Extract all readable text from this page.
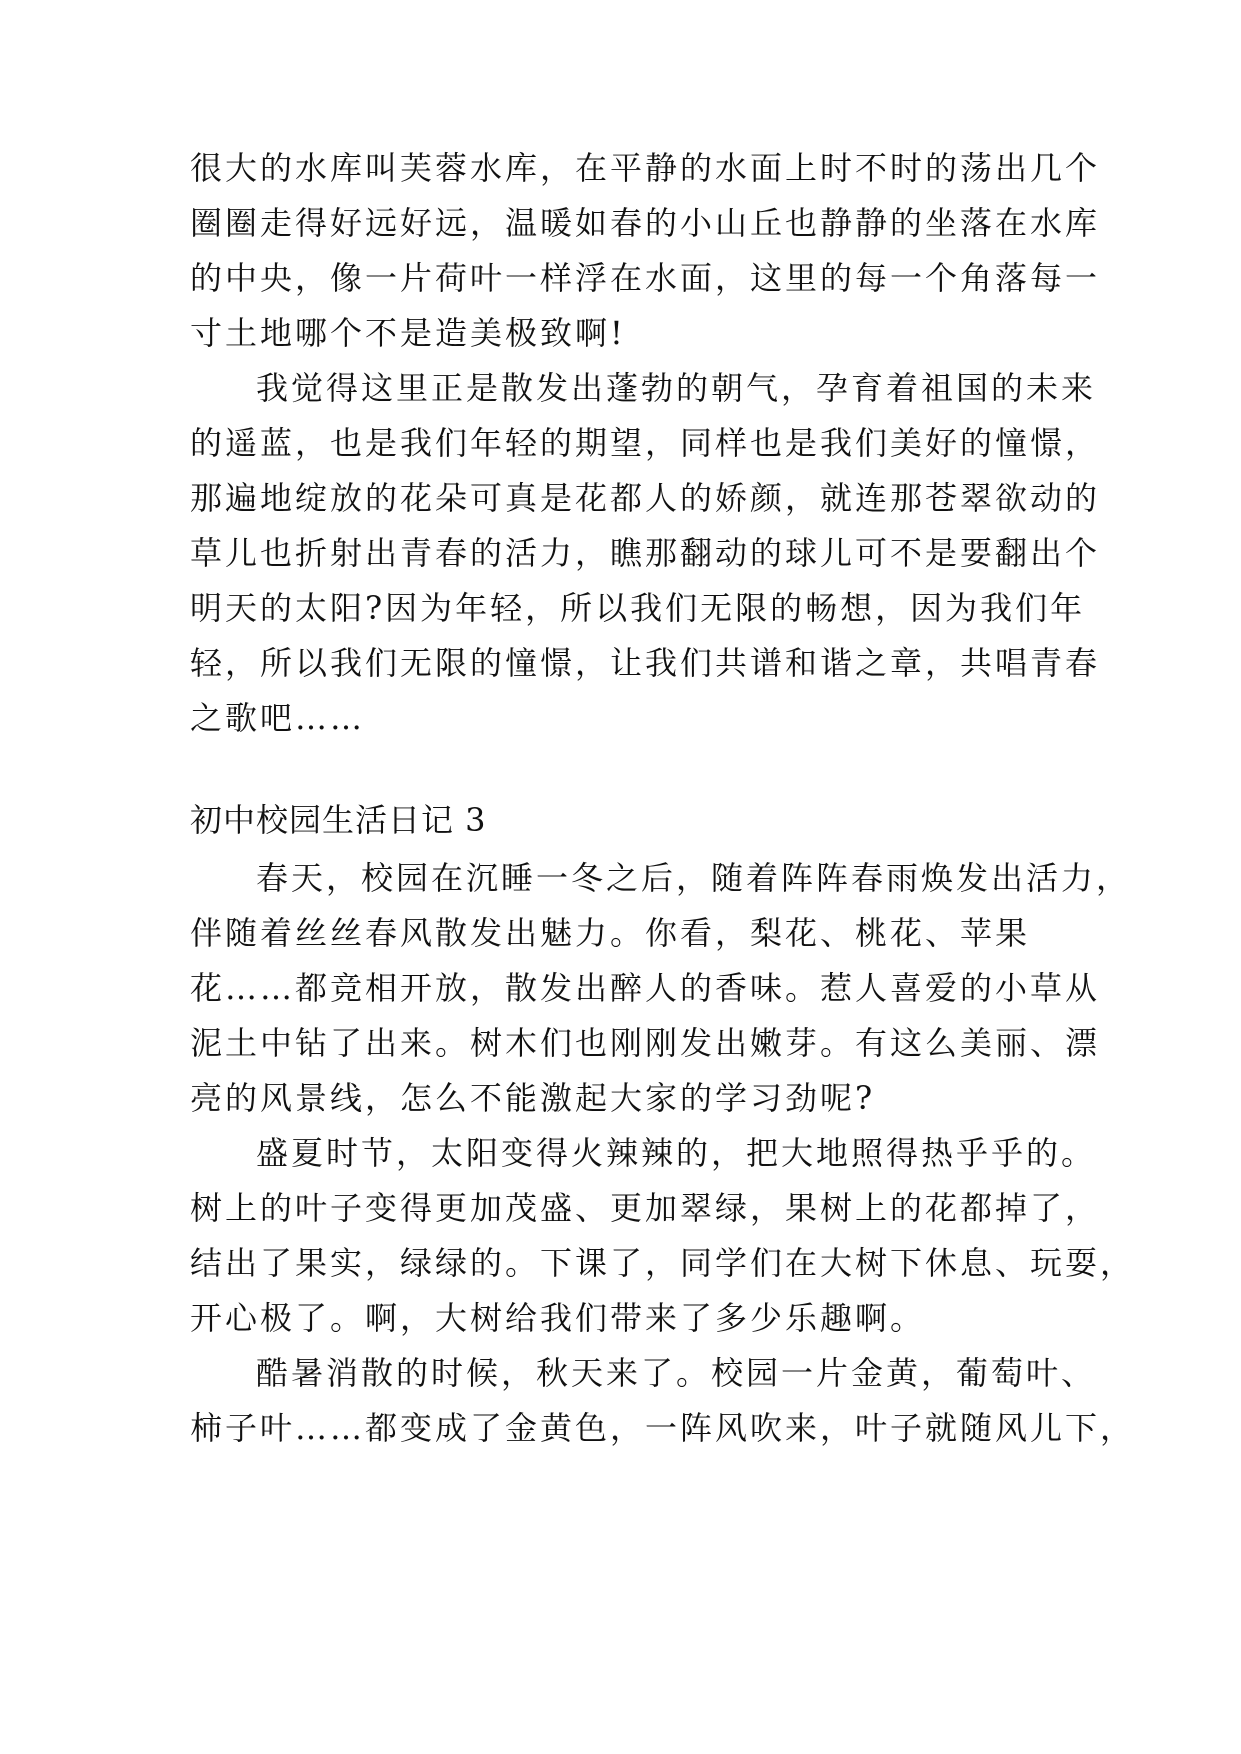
很大的水库叫芙蓉水库，在平静的水面上时不时的荡出几个

圈圈走得好远好远，温暖如春的小山丘也静静的坐落在水库

的中央，像一片荷叶一样浮在水面，这里的每一个角落每一

寸土地哪个不是造美极致啊!

我觉得这里正是散发出蓬勃的朝气，孕育着祖国的未来

的遥蓝，也是我们年轻的期望，同样也是我们美好的憧憬，

那遍地绽放的花朵可真是花都人的娇颜，就连那苍翠欲动的

草儿也折射出青春的活力，瞧那翻动的球儿可不是要翻出个

明天的太阳?因为年轻，所以我们无限的畅想，因为我们年

轻，所以我们无限的憧憬，让我们共谱和谐之章，共唱青春

之歌吧……

初中校园生活日记 3

春天，校园在沉睡一冬之后，随着阵阵春雨焕发出活力，

伴随着丝丝春风散发出魅力。你看，梨花、桃花、苹果

花……都竞相开放，散发出醉人的香味。惹人喜爱的小草从

泥土中钻了出来。树木们也刚刚发出嫩芽。有这么美丽、漂

亮的风景线，怎么不能激起大家的学习劲呢?

盛夏时节，太阳变得火辣辣的，把大地照得热乎乎的。

树上的叶子变得更加茂盛、更加翠绿，果树上的花都掉了，

结出了果实，绿绿的。下课了，同学们在大树下休息、玩耍，

开心极了。啊，大树给我们带来了多少乐趣啊。

酷暑消散的时候，秋天来了。校园一片金黄，葡萄叶、

柿子叶……都变成了金黄色，一阵风吹来，叶子就随风儿下，
